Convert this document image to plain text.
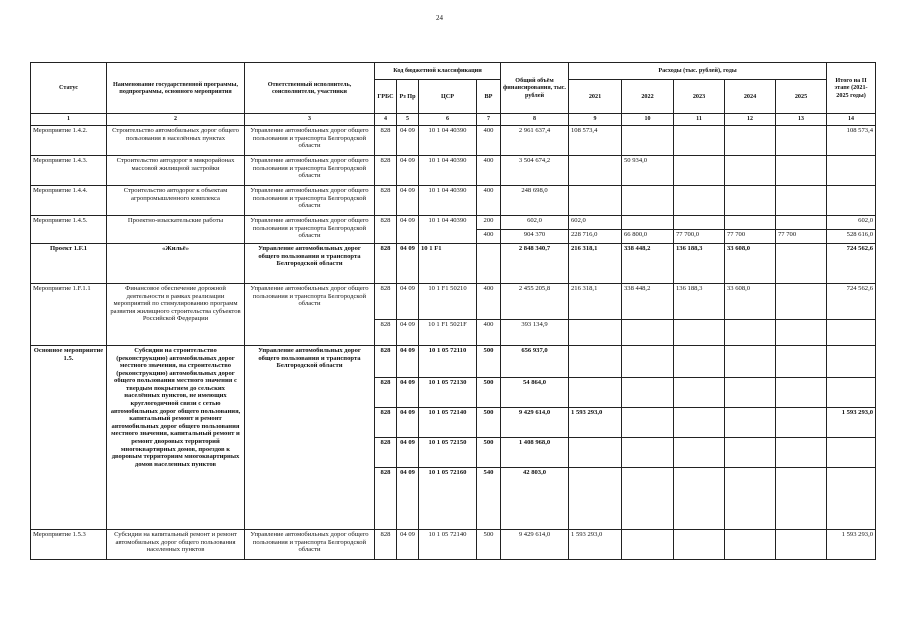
24
Статус	Наименование государственной программы, подпрограммы, основного мероприятия	Ответственный исполнитель, соисполнители, участники	Код бюджетной классификации				Общий объём финансирования, тыс. рублей	Расходы (тыс. рублей), годы					Итого на II этапе (2021-2025 годы)
			ГРБС	Рз Пр	ЦСР	ВР		2021	2022	2023	2024	2025	
1	2	3	4	5	6	7	8	9	10	11	12	13	14
Мероприятие 1.4.2.	Строительство автомобильных дорог общего пользования в населённых пунктах	Управление автомобильных дорог общего пользования и транспорта Белгородской области	828	04 09	10 1 04 40390	400	2 961 637,4	108 573,4					108 573,4
Мероприятие 1.4.3.	Строительство автодорог в микрорайонах массовой жилищной застройки	Управление автомобильных дорог общего пользования и транспорта Белгородской области	828	04 09	10 1 04 40390	400	3 504 674,2		50 934,0				
Мероприятие 1.4.4.	Строительство автодорог к объектам агропромышленного комплекса	Управление автомобильных дорог общего пользования и транспорта Белгородской области	828	04 09	10 1 04 40390	400	248 698,0						
Мероприятие 1.4.5.	Проектно-изыскательские работы	Управление автомобильных дорог общего пользования и транспорта Белгородской области	828	04 09	10 1 04 40390	200	602,0	602,0					602,0
						400	904 370	228 716,0	66 800,0	77 700,0	77 700	77 700	528 616,0
Проект 1.F.1	«Жильё»	Управление автомобильных дорог общего пользования и транспорта Белгородской области	828	04 09	10 1 F1		2 848 340,7	216 318,1	338 448,2	136 188,3	33 608,0		724 562,6
Мероприятие 1.F.1.1	Финансовое обеспечение дорожной деятельности в рамках реализации мероприятий по стимулированию программ развития жилищного строительства субъектов Российской Федерации	Управление автомобильных дорог общего пользования и транспорта Белгородской области	828	04 09	10 1 F1 50210	400	2 455 205,8	216 318,1	338 448,2	136 188,3	33 608,0		724 562,6
			828	04 09	10 1 F1 5021F	400	393 134,9						
Основное мероприятие 1.5.	Субсидии на строительство (реконструкцию) автомобильных дорог местного значения, на строительство (реконструкцию) автомобильных дорог общего пользования местного значения с твердым покрытием до сельских населённых пунктов, не имеющих круглогодичной связи с сетью автомобильных дорог общего пользования, капитальный ремонт и ремонт автомобильных дорог общего пользования местного значения, капитальный ремонт и ремонт дворовых территорий многоквартирных домов, проездов к дворовым территориям многоквартирных домов населенных пунктов	Управление автомобильных дорог общего пользования и транспорта Белгородской области	828	04 09	10 1 05 72110	500	656 937,0						
			828	04 09	10 1 05 72130	500	54 864,0						
			828	04 09	10 1 05 72140	500	9 429 614,0	1 593 293,0					1 593 293,0
			828	04 09	10 1 05 72150	500	1 408 968,0						
			828	04 09	10 1 05 72160	540	42 803,0						
Мероприятие 1.5.3	Субсидии на капитальный ремонт и ремонт автомобильных дорог общего пользования населенных пунктов	Управление автомобильных дорог общего пользования и транспорта Белгородской области	828	04 09	10 1 05 72140	500	9 429 614,0	1 593 293,0					1 593 293,0
